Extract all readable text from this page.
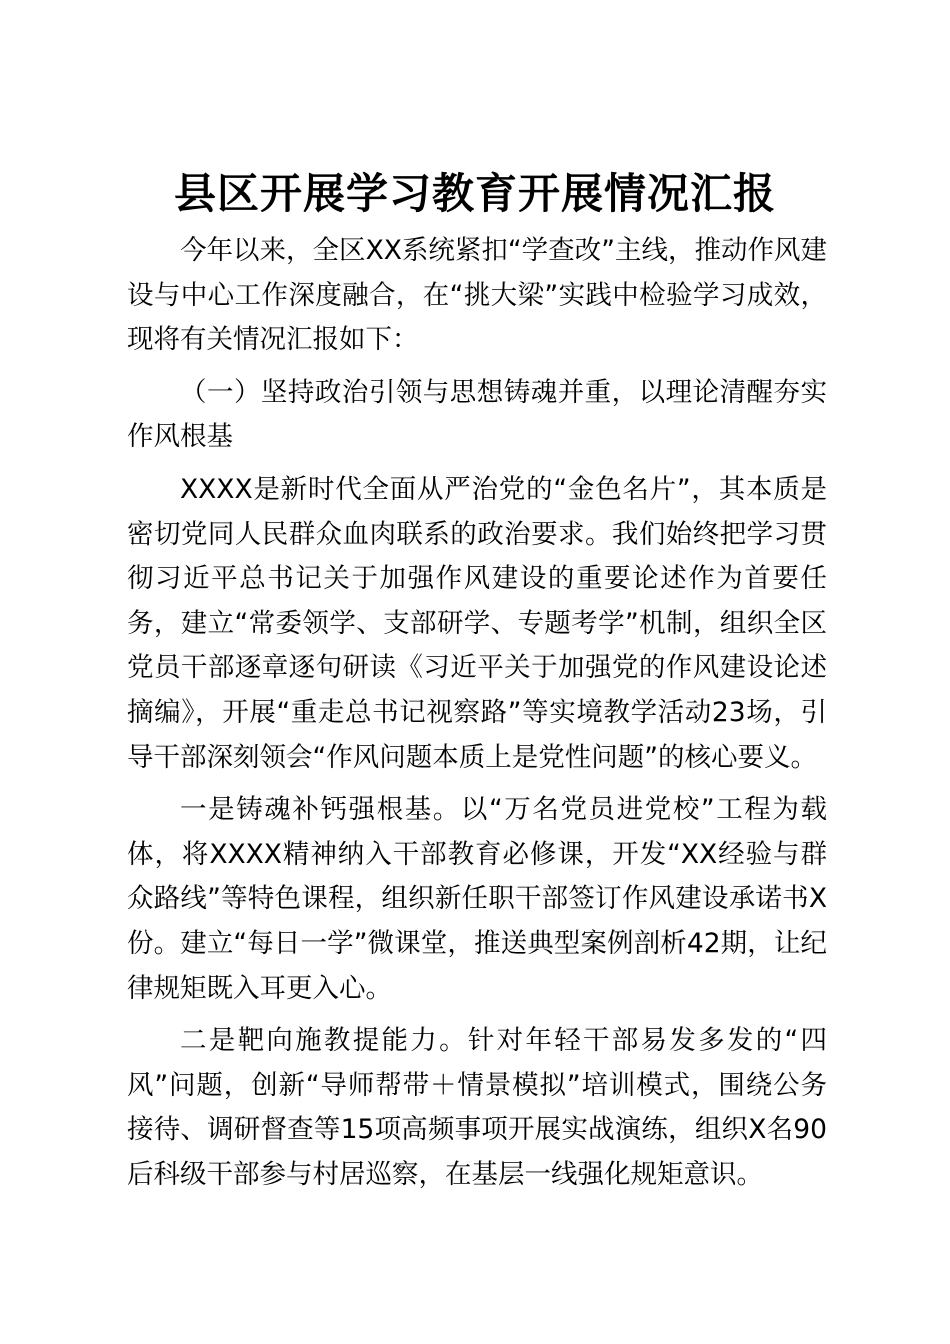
县区开展学习教育开展情况汇报

今年以来，全区XX系统紧扣“学查改”主线，推动作风建设与中心工作深度融合，在“挑大梁”实践中检验学习成效，现将有关情况汇报如下：

（一）坚持政治引领与思想铸魂并重，以理论清醒夯实作风根基

XXXX是新时代全面从严治党的“金色名片”，其本质是密切党同人民群众血肉联系的政治要求。我们始终把学习贯彻习近平总书记关于加强作风建设的重要论述作为首要任务，建立“常委领学、支部研学、专题考学”机制，组织全区党员干部逐章逐句研读《习近平关于加强党的作风建设论述摘编》，开展“重走总书记视察路”等实境教学活动23场，引导干部深刻领会“作风问题本质上是党性问题”的核心要义。

一是铸魂补钙强根基。以“万名党员进党校”工程为载体，将XXXX精神纳入干部教育必修课，开发“XX经验与群众路线”等特色课程，组织新任职干部签订作风建设承诺书X份。建立“每日一学”微课堂，推送典型案例剖析42期，让纪律规矩既入耳更入心。

二是靶向施教提能力。针对年轻干部易发多发的“四风”问题，创新“导师帮带＋情景模拟”培训模式，围绕公务接待、调研督查等15项高频事项开展实战演练，组织X名90后科级干部参与村居巡察，在基层一线强化规矩意识。
